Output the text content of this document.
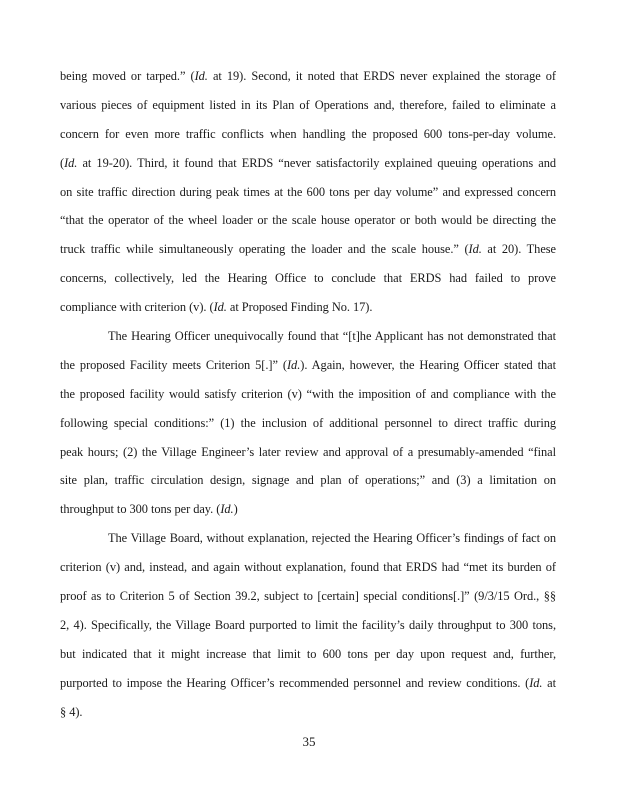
being moved or tarped.” (Id. at 19). Second, it noted that ERDS never explained the storage of
various pieces of equipment listed in its Plan of Operations and, therefore, failed to eliminate a
concern for even more traffic conflicts when handling the proposed 600 tons-per-day volume.
(Id. at 19-20). Third, it found that ERDS “never satisfactorily explained queuing operations and
on site traffic direction during peak times at the 600 tons per day volume” and expressed concern
“that the operator of the wheel loader or the scale house operator or both would be directing the
truck traffic while simultaneously operating the loader and the scale house.” (Id. at 20). These
concerns, collectively, led the Hearing Office to conclude that ERDS had failed to prove
compliance with criterion (v). (Id. at Proposed Finding No. 17).
The Hearing Officer unequivocally found that “[t]he Applicant has not demonstrated that
the proposed Facility meets Criterion 5[.]” (Id.). Again, however, the Hearing Officer stated that
the proposed facility would satisfy criterion (v) “with the imposition of and compliance with the
following special conditions:” (1) the inclusion of additional personnel to direct traffic during
peak hours; (2) the Village Engineer’s later review and approval of a presumably-amended “final
site plan, traffic circulation design, signage and plan of operations;” and (3) a limitation on
throughput to 300 tons per day. (Id.)
The Village Board, without explanation, rejected the Hearing Officer’s findings of fact on
criterion (v) and, instead, and again without explanation, found that ERDS had “met its burden of
proof as to Criterion 5 of Section 39.2, subject to [certain] special conditions[.]” (9/3/15 Ord., §§
2, 4). Specifically, the Village Board purported to limit the facility’s daily throughput to 300 tons,
but indicated that it might increase that limit to 600 tons per day upon request and, further,
purported to impose the Hearing Officer’s recommended personnel and review conditions. (Id. at
§ 4).
35
